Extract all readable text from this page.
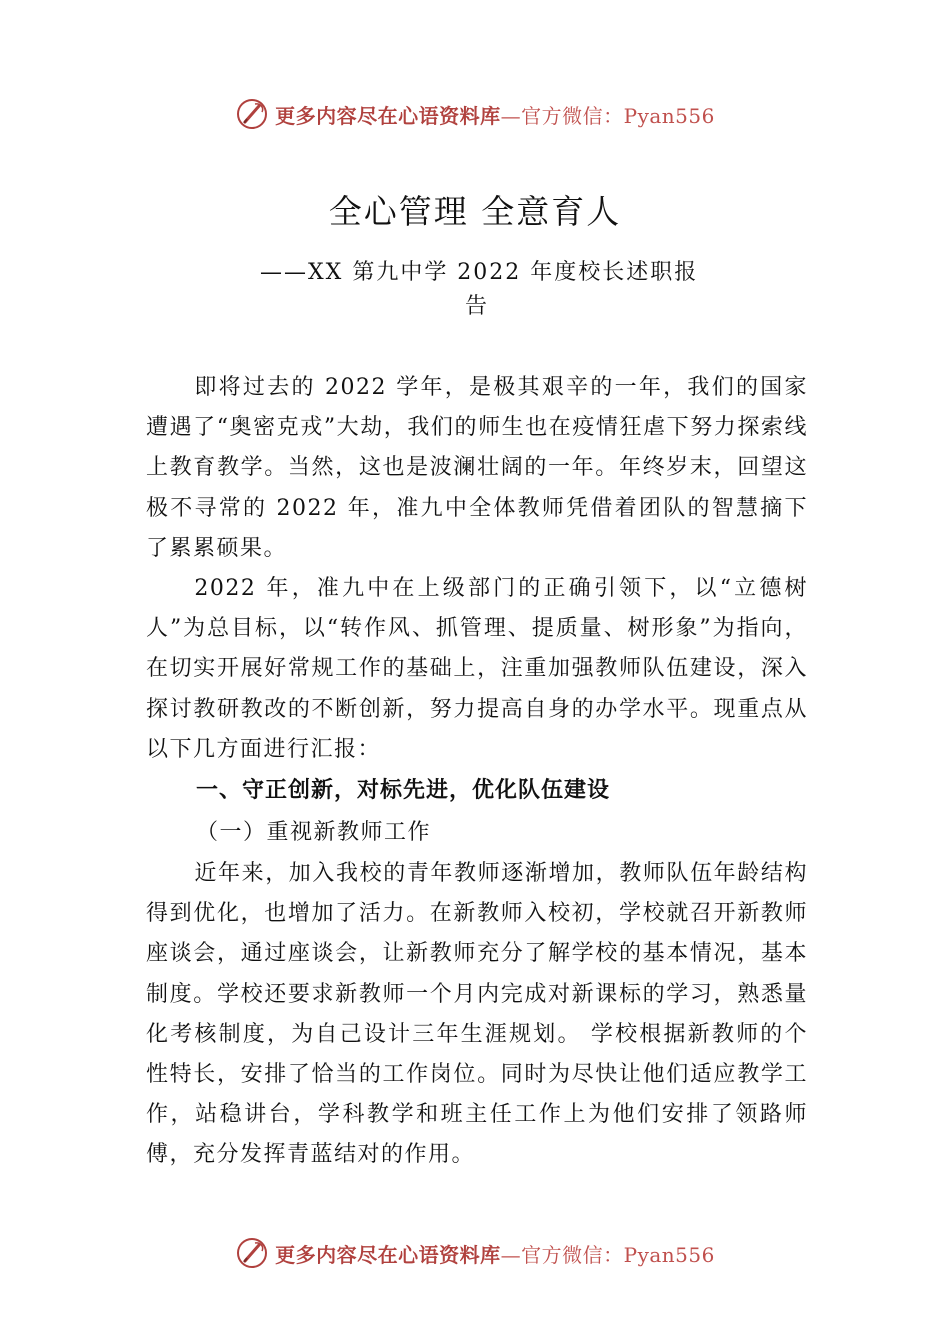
更多内容尽在心语资料库—官方微信：Pyan556
全心管理 全意育人
——XX 第九中学 2022 年度校长述职报
告

即将过去的 2022 学年，是极其艰辛的一年，我们的国家遭遇了“奥密克戎”大劫，我们的师生也在疫情狂虐下努力探索线上教育教学。当然，这也是波澜壮阔的一年。年终岁末，回望这极不寻常的 2022 年，准九中全体教师凭借着团队的智慧摘下了累累硕果。

2022 年，准九中在上级部门的正确引领下，以“立德树人”为总目标，以“转作风、抓管理、提质量、树形象”为指向，在切实开展好常规工作的基础上，注重加强教师队伍建设，深入探讨教研教改的不断创新，努力提高自身的办学水平。现重点从以下几方面进行汇报：

一、守正创新，对标先进，优化队伍建设
（一）重视新教师工作

近年来，加入我校的青年教师逐渐增加，教师队伍年龄结构得到优化，也增加了活力。在新教师入校初，学校就召开新教师座谈会，通过座谈会，让新教师充分了解学校的基本情况，基本制度。学校还要求新教师一个月内完成对新课标的学习，熟悉量化考核制度，为自己设计三年生涯规划。 学校根据新教师的个性特长，安排了恰当的工作岗位。同时为尽快让他们适应教学工作，站稳讲台，学科教学和班主任工作上为他们安排了领路师傅，充分发挥青蓝结对的作用。

更多内容尽在心语资料库—官方微信：Pyan556
